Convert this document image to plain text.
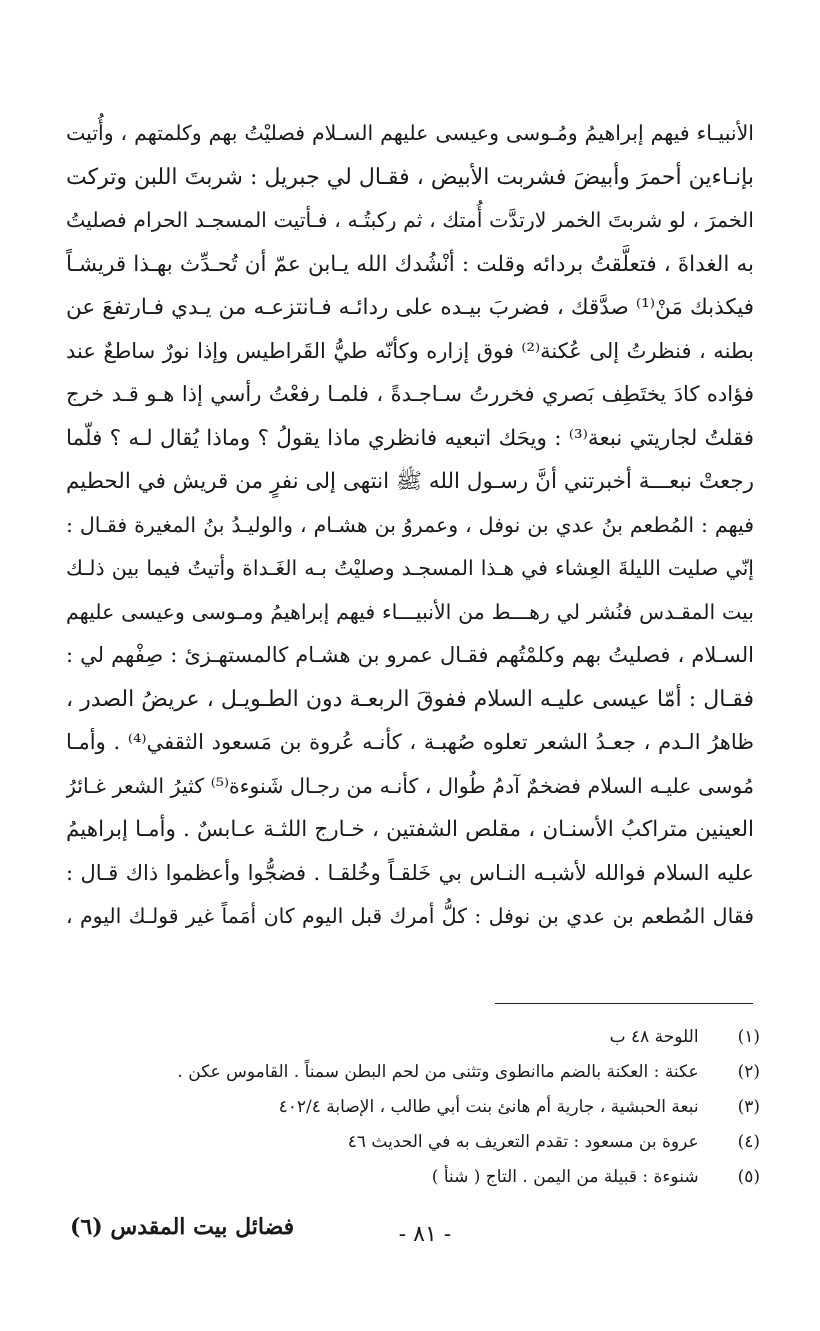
الأنبيـاء فيهم إبراهيمُ ومُـوسى وعيسى عليهم السـلام فصليْتُ بهم وكلمتهم ، وأُتيت
بإنـاءين أحمرَ وأبيضَ فشربت الأبيض ، فقـال لي جبريل : شربتَ اللبن وتركت
الخمرَ ، لو شربتَ الخمر لارتدَّت أُمتك ، ثم ركبتُـه ، فـأتيت المسجـد الحرام فصليتُ
به الغداةَ ، فتعلَّقتُ بردائه وقلت : أنْشُدك الله يـابن عمّ أن تُحـدِّث بهـذا قريشـاً
فيكذبك مَنْ⁽¹⁾ صدَّقك ، فضربَ بيـده على ردائـه فـانتزعـه من يـدي فـارتفعَ عن
بطنه ، فنظرتُ إلى عُكنة⁽²⁾ فوق إزاره وكأنّه طيُّ القَراطيس وإذا نورٌ ساطعٌ عند
فؤاده كادَ يختَطِف بَصري فخررتُ سـاجـدةً ، فلمـا رفعْتُ رأسي إذا هـو قـد خرج
فقلتُ لجاريتي نبعة⁽³⁾ : ويحَك اتبعيه فانظري ماذا يقولُ ؟ وماذا يُقال لـه ؟ فلّما
رجعتْ نبعـــة أخبرتني أنَّ رسـول الله ﷺ انتهى إلى نفرٍ من قريش في الحطيم
فيهم : المُطعم بنُ عدي بن نوفل ، وعمروُ بن هشـام ، والوليـدُ بنُ المغيرة فقـال :
إنّي صليت الليلةَ العِشاء في هـذا المسجـد وصليْتُ بـه الغَـداة وأتيتُ فيما بين ذلـك
بيت المقـدس فنُشر لي رهـــط من الأنبيـــاء فيهم إبراهيمُ ومـوسى وعيسى عليهم
السـلام ، فصليتُ بهم وكلمْتُهم فقـال عمرو بن هشـام كالمستهـزئ : صِفْهم لي :
فقـال : أمّا عيسى عليـه السلام ففوقَ الربعـة دون الطـويـل ، عريضُ الصدر ،
ظاهرُ الـدم ، جعـدُ الشعر تعلوه صُهبـة ، كأنـه عُروة بن مَسعود الثقفي⁽⁴⁾ . وأمـا
مُوسى عليـه السلام فضخمٌ آدمُ طُوال ، كأنـه من رجـال شَنوءة⁽⁵⁾ كثيرُ الشعر غـائرُ
العينين متراكبُ الأسنـان ، مقلص الشفتين ، خـارج اللثـة عـابسٌ . وأمـا إبراهيمُ
عليه السلام فوالله لأشبـه النـاس بي خَلقـاً وخُلقـا . فضجُّوا وأعظموا ذاك قـال :
فقال المُطعم بن عدي بن نوفل : كلُّ أمرك قبل اليوم كان أمَماً غير قولـك اليوم ،
(١) اللوحة ٤٨ ب
(٢) عكنة : العكنة بالضم ماانطوى وتثنى من لحم البطن سمناً . القاموس عكن .
(٣) نبعة الحبشية ، جارية أم هانئ بنت أبي طالب ، الإصابة ٤٠٢/٤
(٤) عروة بن مسعود : تقدم التعريف به في الحديث ٤٦
(٥) شنوءة : قبيلة من اليمن . التاج ( شنأ )
فضائل بيت المقدس (٦)	- ٨١ -
